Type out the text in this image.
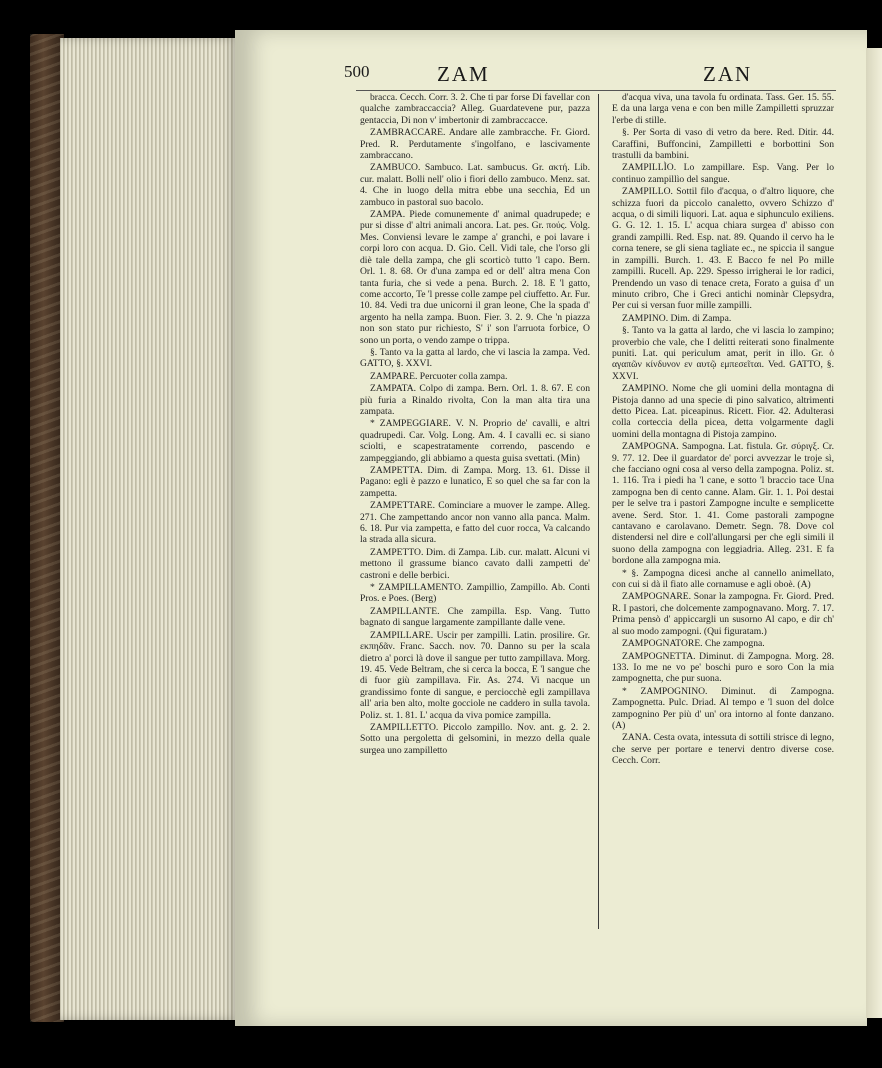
500	ZAM	ZAN

bracca. Cecch. Corr. 3. 2. Che ti par forse Di favellar con qualche zambraccaccia? Alleg. Guardatevene pur, pazza gentaccia, Di non v' imbertonir di zambraccacce.

ZAMBRACCARE. Andare alle zambracche. Fr. Giord. Pred. R. Perdutamente s'ingolfano, e lascivamente zambraccano.

ZAMBUCO. Sambuco. Lat. sambucus. Gr. ακτή. Lib. cur. malatt. Bolli nell' olio i fiori dello zambuco. Menz. sat. 4. Che in luogo della mitra ebbe una secchia, Ed un zambuco in pastoral suo bacolo.

ZAMPA. Piede comunemente d' animal quadrupede; e pur si disse d' altri animali ancora. Lat. pes. Gr. πούς. Volg. Mes. Conviensi levare le zampe a' granchi, e poi lavare i corpi loro con acqua. D. Gio. Cell. Vidi tale, che l'orso gli diè tale della zampa, che gli scorticò tutto 'l capo. Bern. Orl. 1. 8. 68. Or d'una zampa ed or dell' altra mena Con tanta furia, che si vede a pena. Burch. 2. 18. E 'l gatto, come accorto, Te 'l presse colle zampe pel ciuffetto. Ar. Fur. 10. 84. Vedi tra due unicorni il gran leone, Che la spada d' argento ha nella zampa. Buon. Fier. 3. 2. 9. Che 'n piazza non son stato pur richiesto, S' i' son l'arruota forbice, O sono un porta, o vendo zampe o trippa.

§. Tanto va la gatta al lardo, che vi lascia la zampa. Ved. GATTO, §. XXVI.

ZAMPARE. Percuoter colla zampa.

ZAMPATA. Colpo di zampa. Bern. Orl. 1. 8. 67. E con più furia a Rinaldo rivolta, Con la man alta tira una zampata.

* ZAMPEGGIARE. V. N. Proprio de' cavalli, e altri quadrupedi. Car. Volg. Long. Am. 4. I cavalli ec. si siano sciolti, e scapestratamente correndo, pascendo e zampeggiando, gli abbiamo a questa guisa svettati. (Min)

ZAMPETTA. Dim. di Zampa. Morg. 13. 61. Disse il Pagano: egli è pazzo e lunatico, E so quel che sa far con la zampetta.

ZAMPETTARE. Cominciare a muover le zampe. Alleg. 271. Che zampettando ancor non vanno alla panca. Malm. 6. 18. Pur via zampetta, e fatto del cuor rocca, Va calcando la strada alla sicura.

ZAMPETTO. Dim. di Zampa. Lib. cur. malatt. Alcuni vi mettono il grassume bianco cavato dalli zampetti de' castroni e delle berbici.

* ZAMPILLAMENTO. Zampillio, Zampillo. Ab. Conti Pros. e Poes. (Berg)

ZAMPILLANTE. Che zampilla. Esp. Vang. Tutto bagnato di sangue largamente zampillante dalle vene.

ZAMPILLARE. Uscir per zampilli. Latin. prosilire. Gr. εκπηδᾶν. Franc. Sacch. nov. 70. Danno su per la scala dietro a' porci là dove il sangue per tutto zampillava. Morg. 19. 45. Vede Beltram, che si cerca la bocca, E 'l sangue che di fuor giù zampillava. Fir. As. 274. Vi nacque un grandissimo fonte di sangue, e perciocchè egli zampillava all' aria ben alto, molte gocciole ne caddero in sulla tavola. Poliz. st. 1. 81. L' acqua da viva pomice zampilla.

ZAMPILLETTO. Piccolo zampillo. Nov. ant. g. 2. 2. Sotto una pergoletta di gelsomini, in mezzo della quale surgea uno zampilletto

d'acqua viva, una tavola fu ordinata. Tass. Ger. 15. 55. E da una larga vena e con ben mille Zampilletti spruzzar l'erbe di stille.

§. Per Sorta di vaso di vetro da bere. Red. Ditir. 44. Caraffini, Buffoncini, Zampilletti e borbottini Son trastulli da bambini.

ZAMPILLÌO. Lo zampillare. Esp. Vang. Per lo continuo zampillìo del sangue.

ZAMPILLO. Sottil filo d'acqua, o d'altro liquore, che schizza fuori da piccolo canaletto, ovvero Schizzo d' acqua, o di simili liquori. Lat. aqua e siphunculo exiliens. G. G. 12. 1. 15. L' acqua chiara surgea d' abisso con grandi zampilli. Red. Esp. nat. 89. Quando il cervo ha le corna tenere, se gli siena tagliate ec., ne spiccia il sangue in zampilli. Burch. 1. 43. E Bacco fe nel Po mille zampilli. Rucell. Ap. 229. Spesso irrigherai le lor radici, Prendendo un vaso di tenace creta, Forato a guisa d' un minuto cribro, Che i Greci antichi nominàr Clepsydra, Per cui si versan fuor mille zampilli.

ZAMPINO. Dim. di Zampa.

§. Tanto va la gatta al lardo, che vi lascia lo zampino; proverbio che vale, che I delitti reiterati sono finalmente puniti. Lat. qui periculum amat, perit in illo. Gr. ὁ αγαπῶν κίνδυνον εν αυτῷ εμπεσεῖται. Ved. GATTO, §. XXVI.

ZAMPINO. Nome che gli uomini della montagna di Pistoja danno ad una specie di pino salvatico, altrimenti detto Picea. Lat. piceapinus. Ricett. Fior. 42. Adulterasi colla corteccia della picea, detta volgarmente dagli uomini della montagna di Pistoja zampino.

ZAMPOGNA. Sampogna. Lat. fistula. Gr. σύριγξ. Cr. 9. 77. 12. Dee il guardator de' porci avvezzar le troje sì, che facciano ogni cosa al verso della zampogna. Poliz. st. 1. 116. Tra i piedi ha 'l cane, e sotto 'l braccio tace Una zampogna ben di cento canne. Alam. Gir. 1. 1. Poi destai per le selve tra i pastori Zampogne inculte e semplicette avene. Serd. Stor. 1. 41. Come pastorali zampogne cantavano e carolavano. Demetr. Segn. 78. Dove col distendersi nel dire e coll'allungarsi per che egli simili il suono della zampogna con leggiadria. Alleg. 231. E fa bordone alla zampogna mia.

* §. Zampogna dicesi anche al cannello animellato, con cui si dà il fiato alle cornamuse e agli oboè. (A)

ZAMPOGNARE. Sonar la zampogna. Fr. Giord. Pred. R. I pastori, che dolcemente zampognavano. Morg. 7. 17. Prima pensò d' appiccargli un susorno Al capo, e dir ch' al suo modo zampogni. (Qui figuratam.)

ZAMPOGNATORE. Che zampogna.

ZAMPOGNETTA. Diminut. di Zampogna. Morg. 28. 133. Io me ne vo pe' boschi puro e soro Con la mia zampognetta, che pur suona.

* ZAMPOGNINO. Diminut. di Zampogna. Zampognetta. Pulc. Driad. Al tempo e 'l suon del dolce zampognino Per più d' un' ora intorno al fonte danzano. (A)

ZANA. Cesta ovata, intessuta di sottili strisce di legno, che serve per portare e tenervi dentro diverse cose. Cecch. Corr.
